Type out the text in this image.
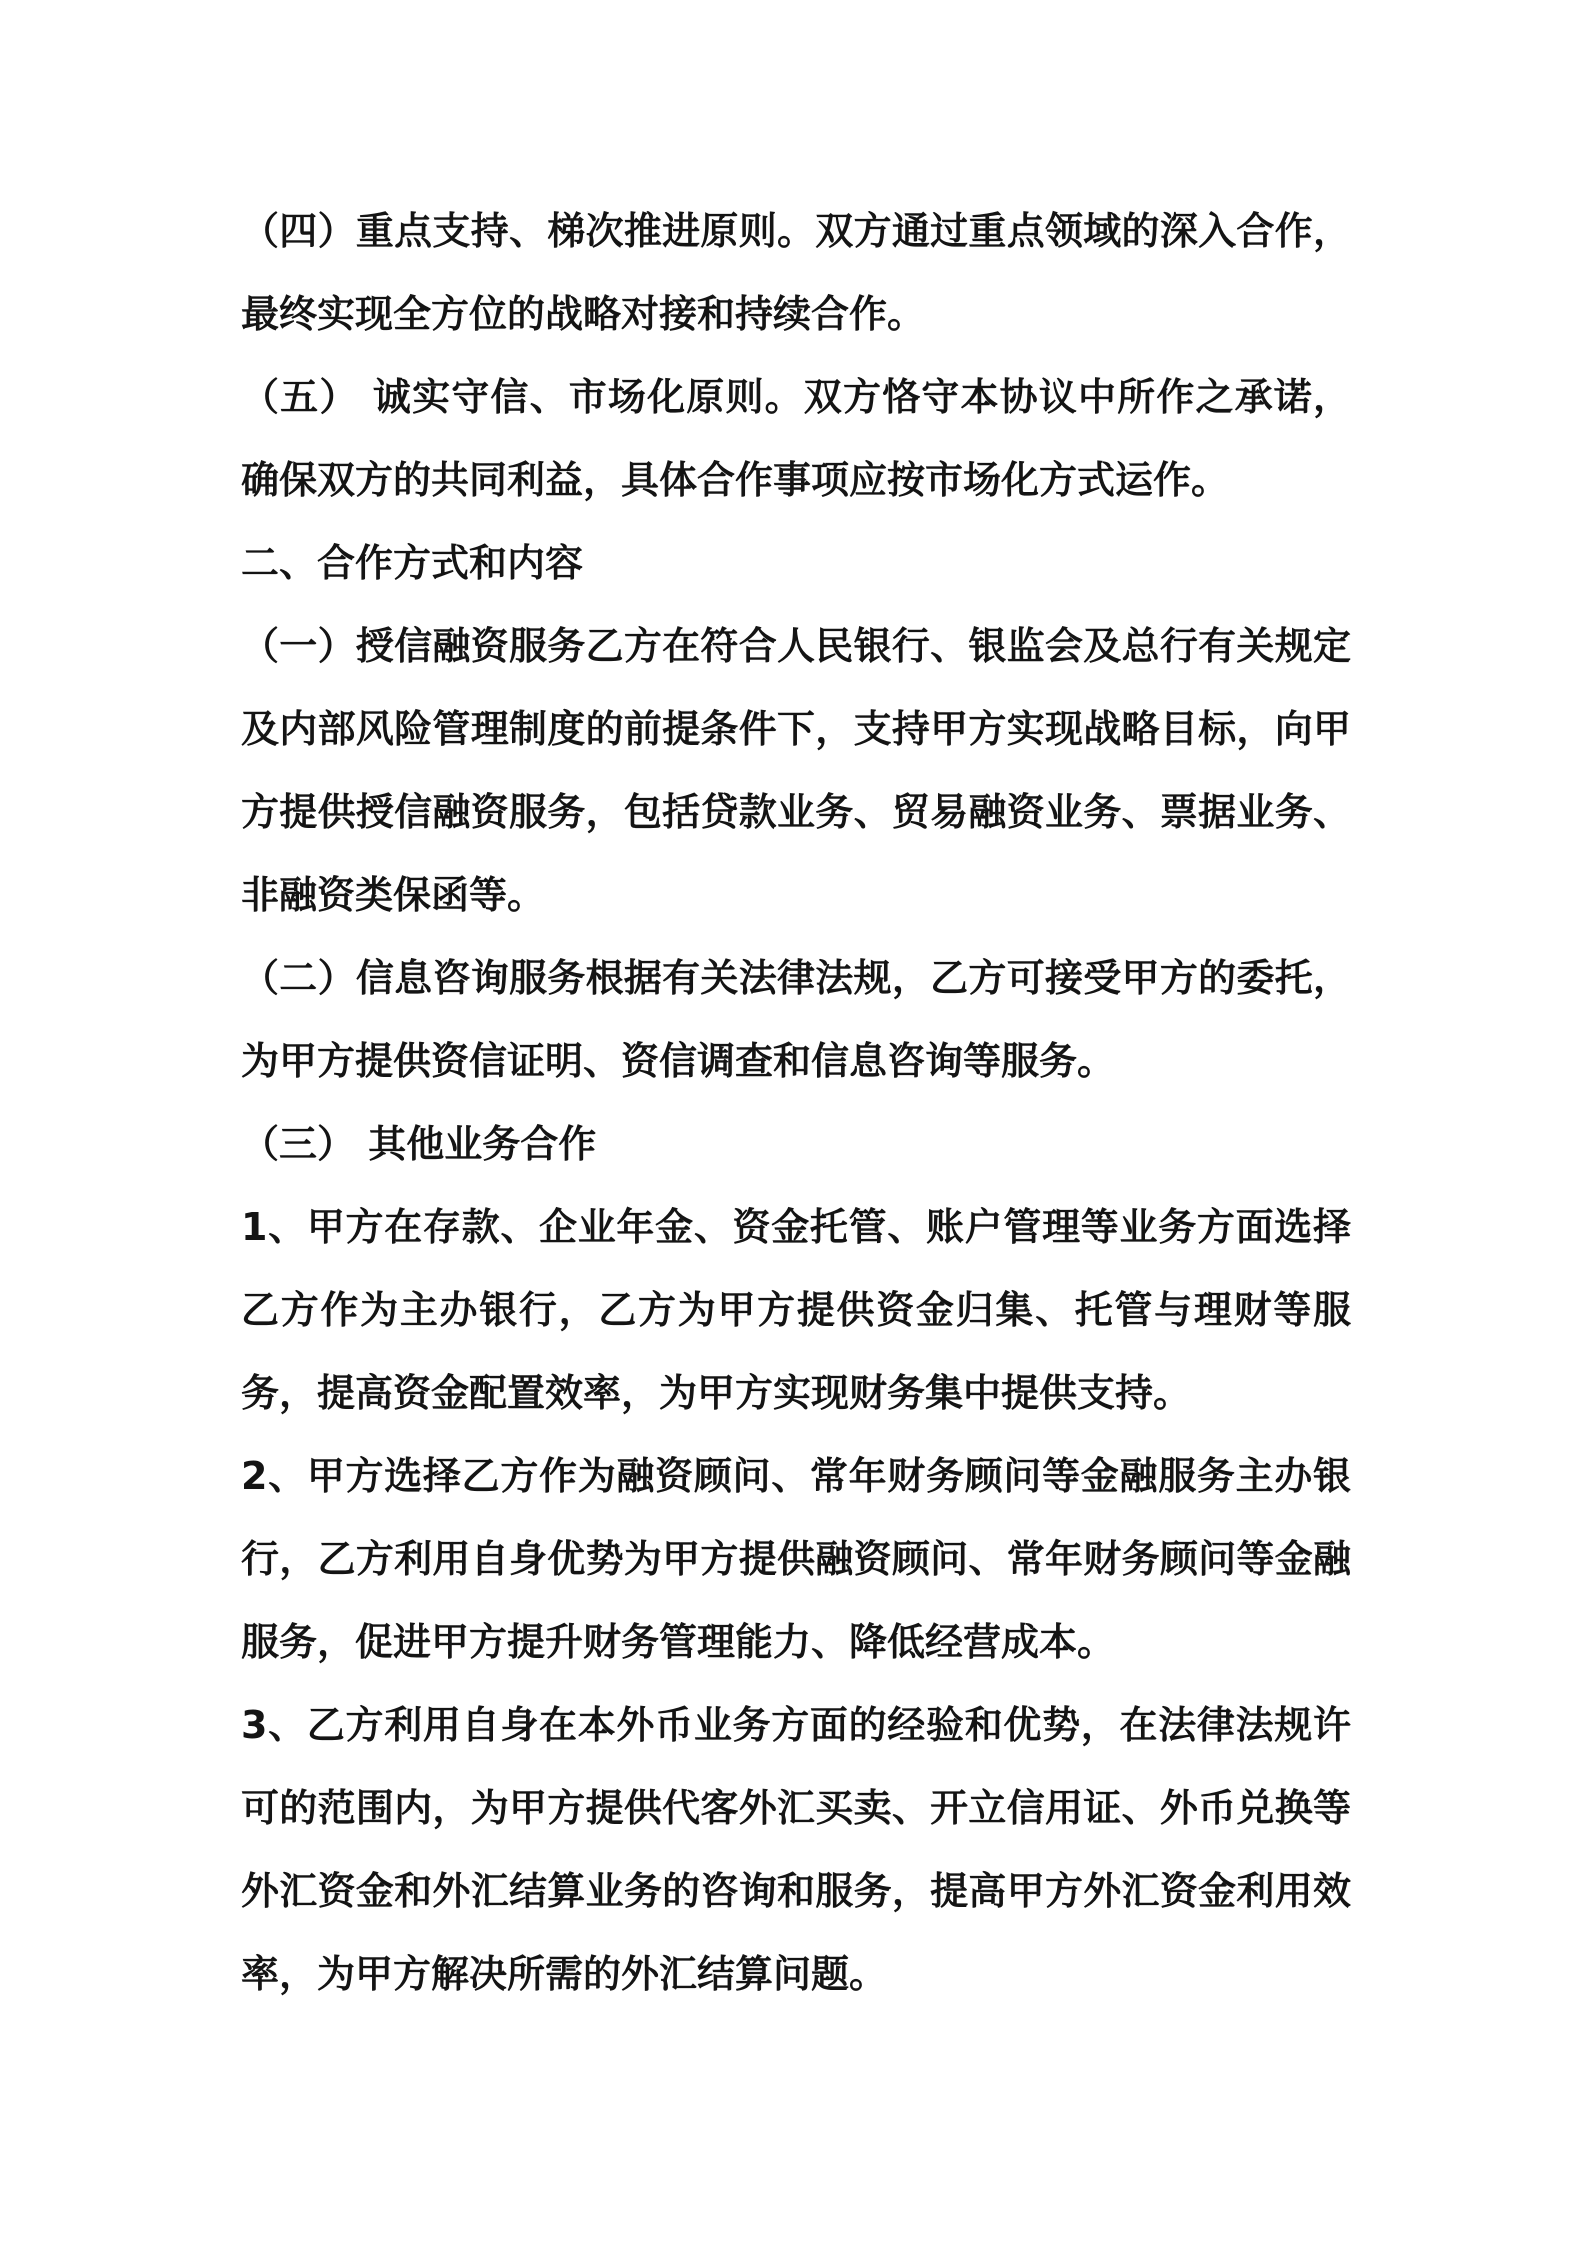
（四）重点支持、梯次推进原则。双方通过重点领域的深入合作，最终实现全方位的战略对接和持续合作。

（五） 诚实守信、市场化原则。双方恪守本协议中所作之承诺，确保双方的共同利益，具体合作事项应按市场化方式运作。

二、合作方式和内容

（一）授信融资服务乙方在符合人民银行、银监会及总行有关规定及内部风险管理制度的前提条件下，支持甲方实现战略目标，向甲方提供授信融资服务，包括贷款业务、贸易融资业务、票据业务、非融资类保函等。

（二）信息咨询服务根据有关法律法规，乙方可接受甲方的委托，为甲方提供资信证明、资信调查和信息咨询等服务。

（三） 其他业务合作

1、甲方在存款、企业年金、资金托管、账户管理等业务方面选择乙方作为主办银行，乙方为甲方提供资金归集、托管与理财等服务，提高资金配置效率，为甲方实现财务集中提供支持。

2、甲方选择乙方作为融资顾问、常年财务顾问等金融服务主办银行，乙方利用自身优势为甲方提供融资顾问、常年财务顾问等金融服务，促进甲方提升财务管理能力、降低经营成本。

3、乙方利用自身在本外币业务方面的经验和优势，在法律法规许可的范围内，为甲方提供代客外汇买卖、开立信用证、外币兑换等外汇资金和外汇结算业务的咨询和服务，提高甲方外汇资金利用效率，为甲方解决所需的外汇结算问题。
